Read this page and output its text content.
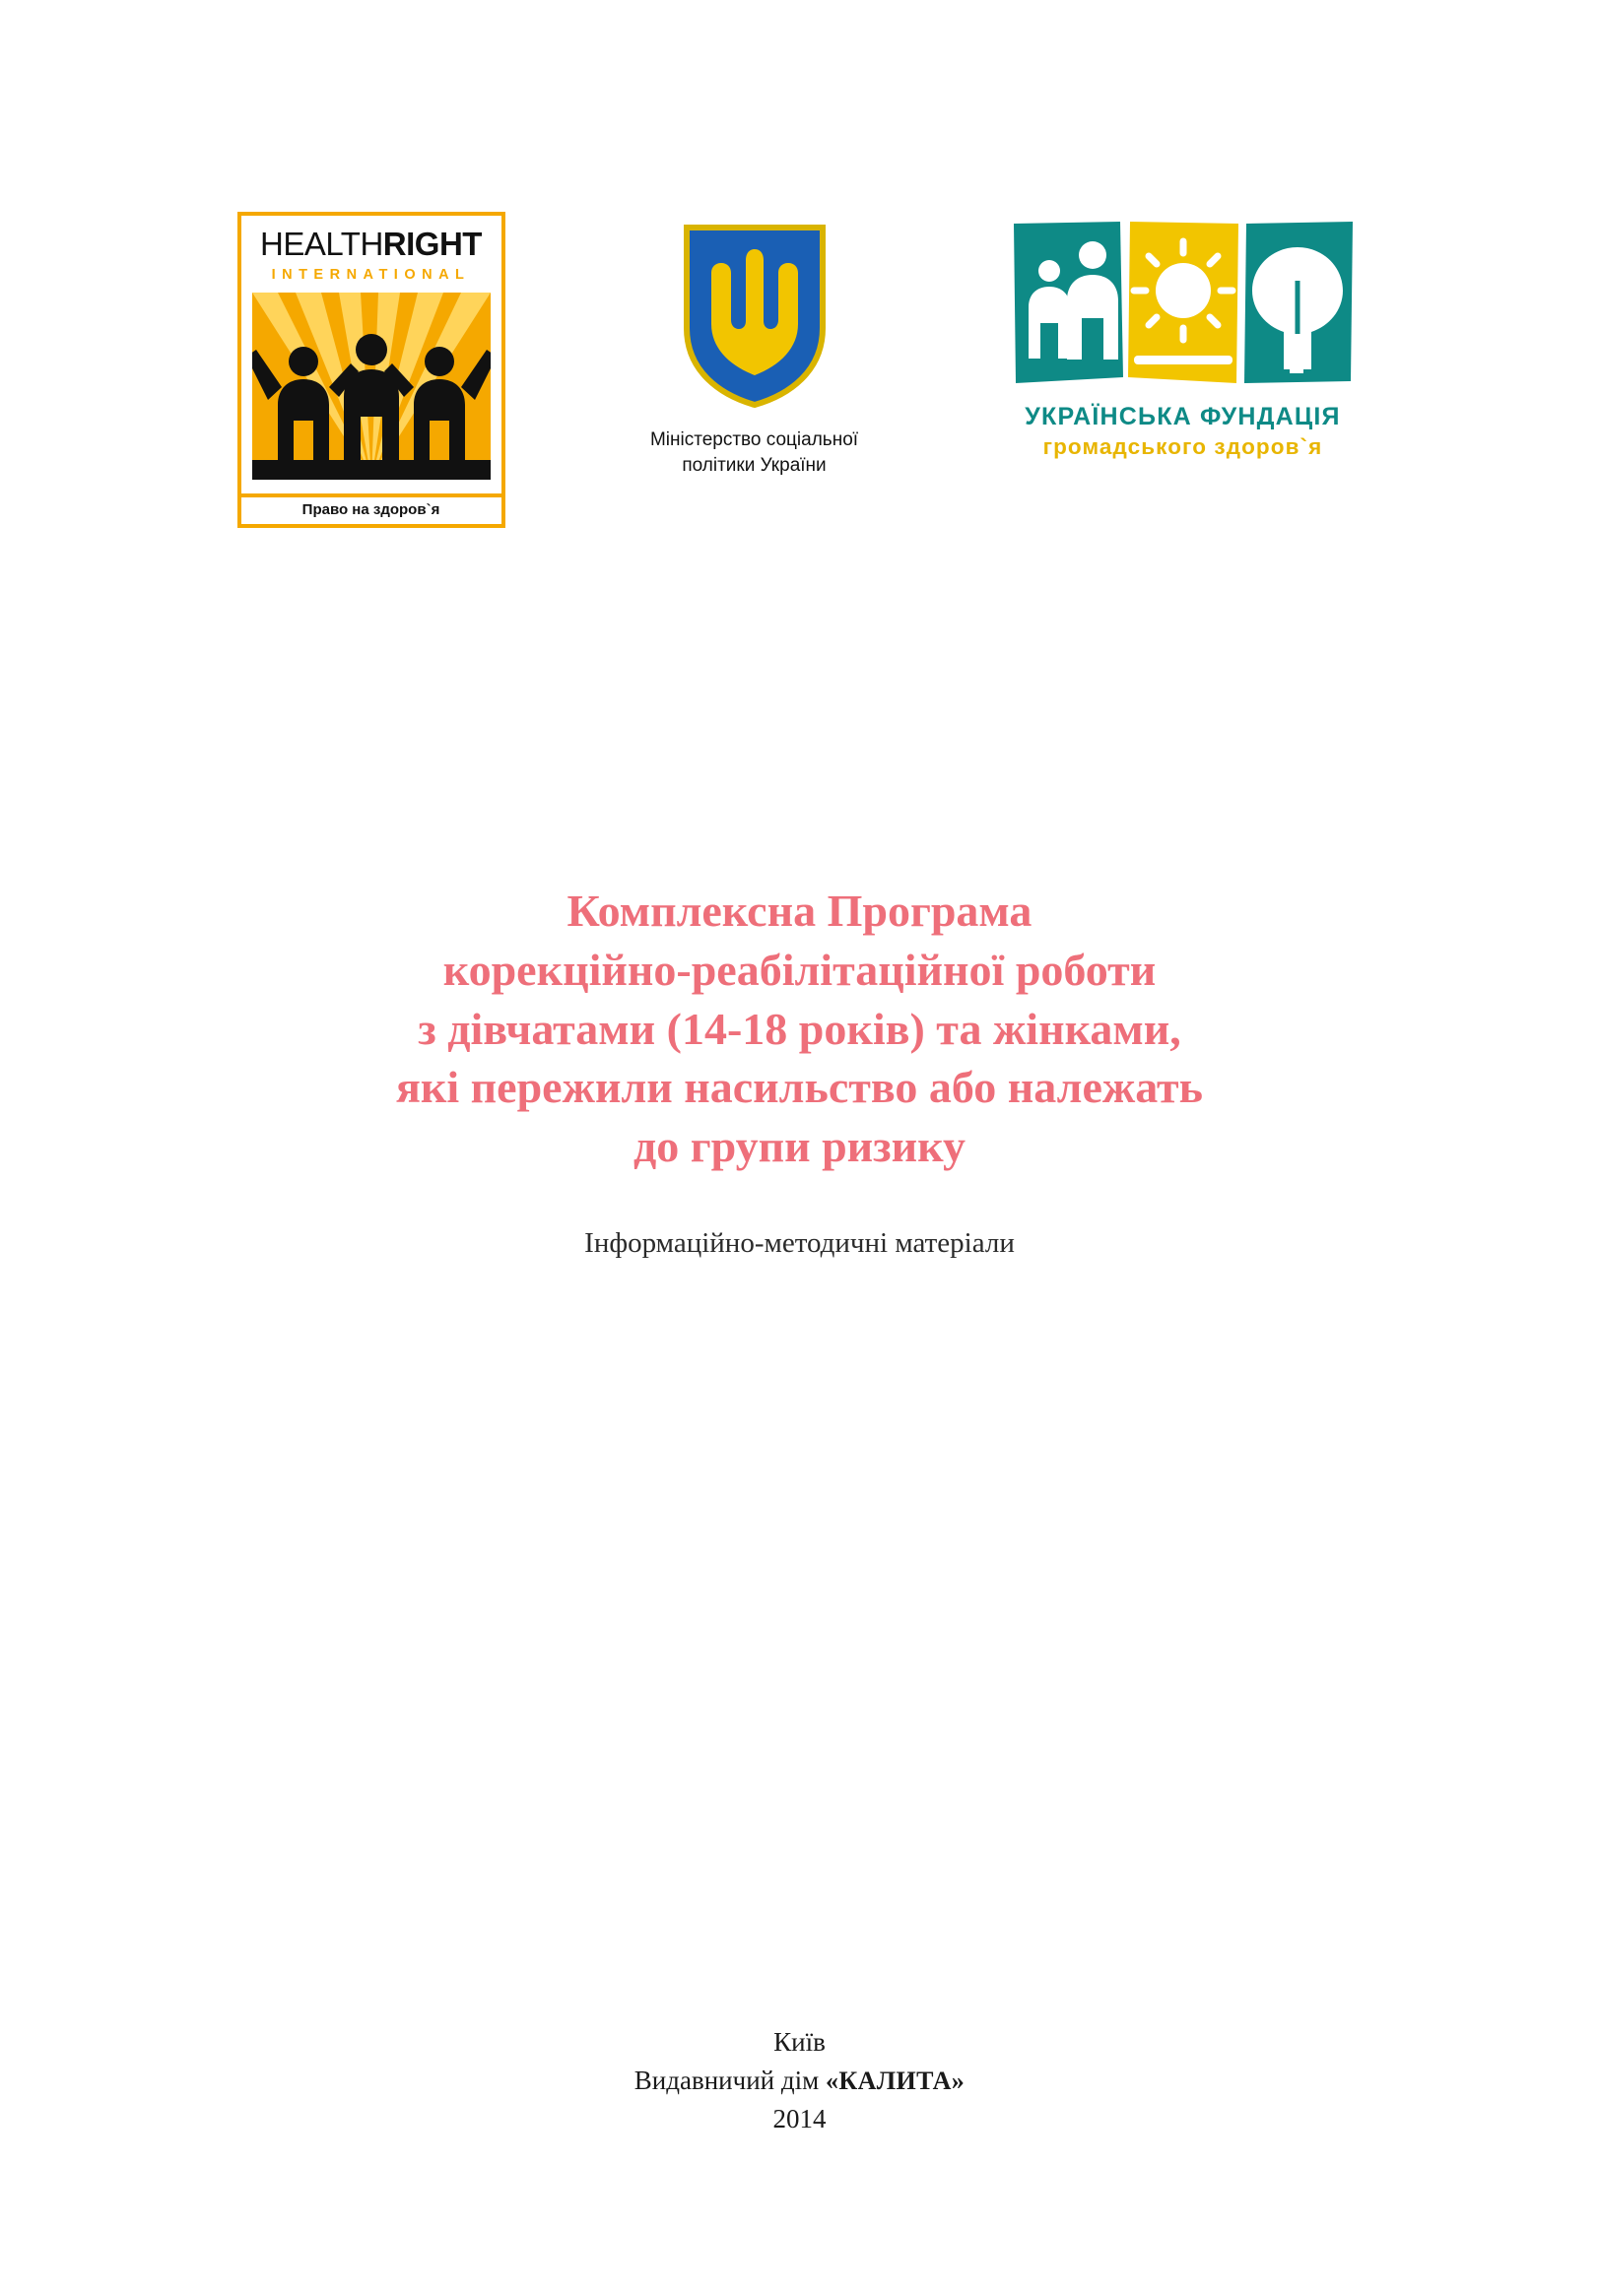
HEALTHRIGHT
INTERNATIONAL
Право на здоров`я
Міністерство соціальної
політики України
УКРАЇНСЬКА ФУНДАЦІЯ
громадського здоров`я
Комплексна Програма
корекційно-реабілітаційної роботи
з дівчатами (14-18 років) та жінками,
які пережили насильство або належать
до групи ризику
Інформаційно-методичні матеріали
Київ
Видавничий дім «КАЛИТА»
2014
